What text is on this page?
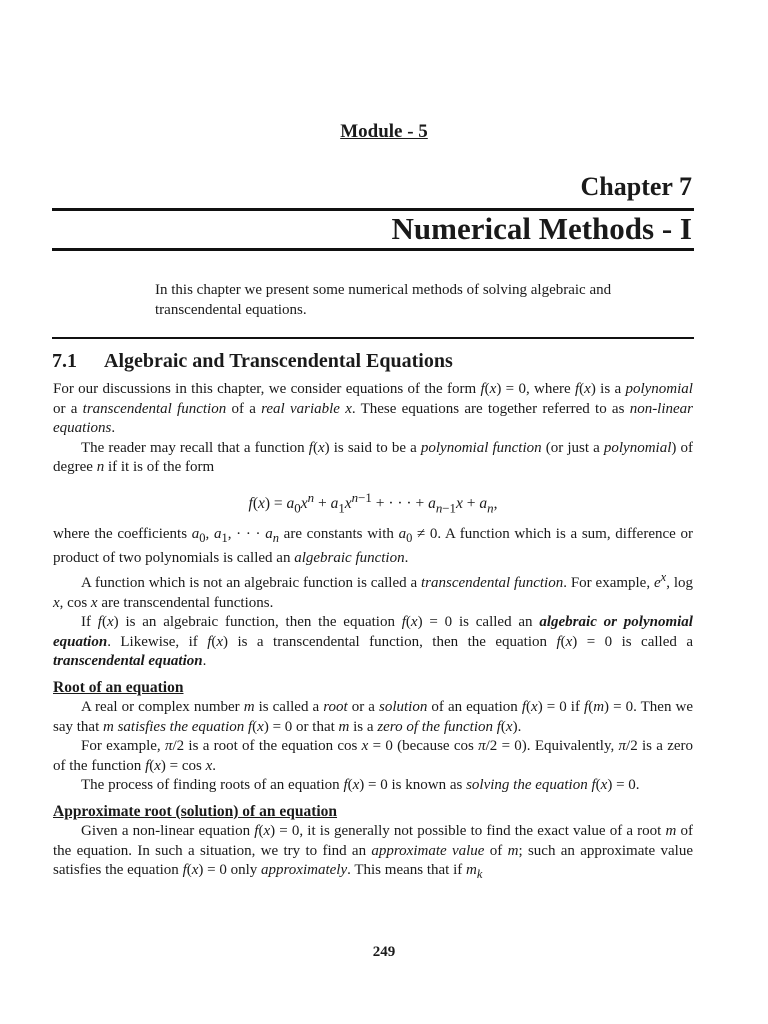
Module - 5
Chapter 7
Numerical Methods - I
In this chapter we present some numerical methods of solving algebraic and transcendental equations.
7.1 Algebraic and Transcendental Equations

For our discussions in this chapter, we consider equations of the form f(x) = 0, where f(x) is a polynomial or a transcendental function of a real variable x. These equations are together referred to as non-linear equations.

The reader may recall that a function f(x) is said to be a polynomial function (or just a polynomial) of degree n if it is of the form

$f(x) = a_0x^n + a_1x^{n-1}$ + · · · + $a_{n-1}x + a_n$,

where the coefficients $a_0$, $a_1$, · · · $a_n$ are constants with $a_0 \ne 0$. A function which is a sum, difference or product of two polynomials is called an algebraic function.

A function which is not an algebraic function is called a transcendental function. For example, $e^x$, log x, cos x are transcendental functions.

If f(x) is an algebraic function, then the equation f(x) = 0 is called an algebraic or polynomial equation. Likewise, if f(x) is a transcendental function, then the equation f(x) = 0 is called a transcendental equation.

Root of an equation

A real or complex number m is called a root or a solution of an equation f(x) = 0 if f(m) = 0. Then we say that m satisfies the equation f(x) = 0 or that m is a zero of the function f(x).

For example, π/2 is a root of the equation cos x = 0 (because cos π/2 = 0). Equivalently, π/2 is a zero of the function f(x) = cos x.

The process of finding roots of an equation f(x) = 0 is known as solving the equation f(x) = 0.

Approximate root (solution) of an equation

Given a non-linear equation f(x) = 0, it is generally not possible to find the exact value of a root m of the equation. In such a situation, we try to find an approximate value of m; such an approximate value satisfies the equation f(x) = 0 only approximately. This means that if $m_k$

249
